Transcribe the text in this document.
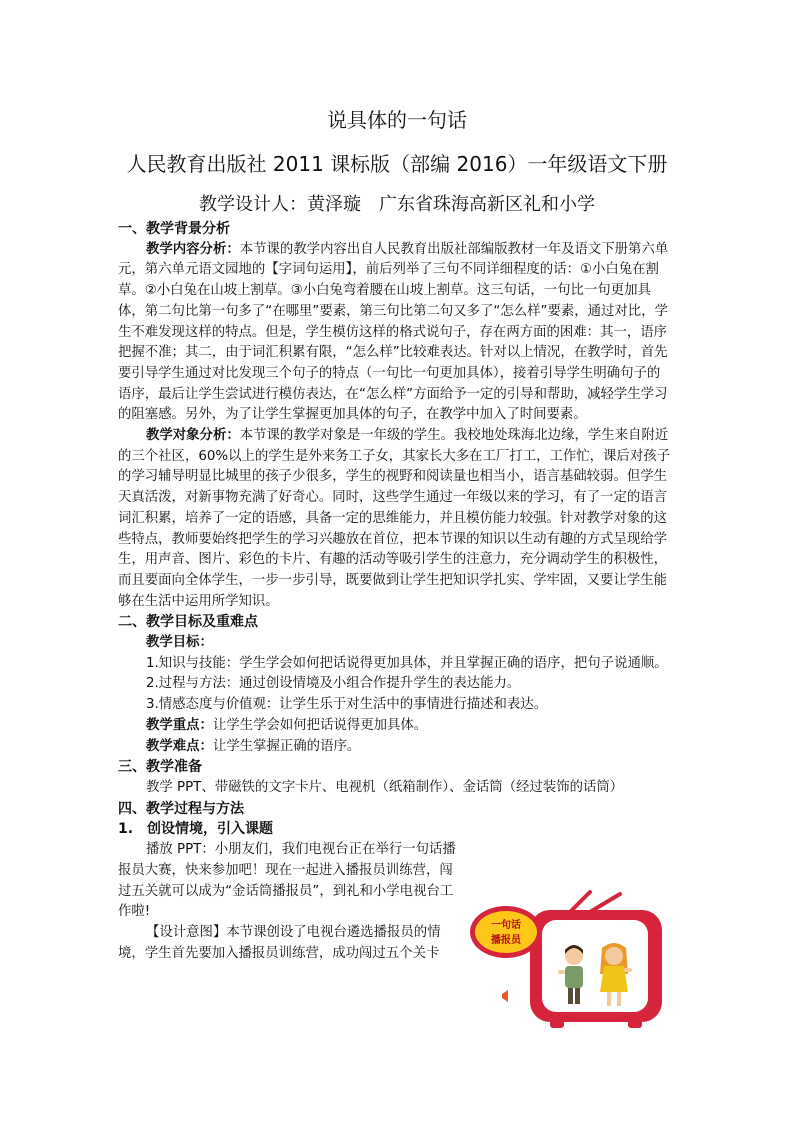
说具体的一句话
人民教育出版社 2011 课标版（部编 2016）一年级语文下册
教学设计人：黄泽璇　广东省珠海高新区礼和小学

一、教学背景分析

教学内容分析：本节课的教学内容出自人民教育出版社部编版教材一年及语文下册第六单元，第六单元语文园地的【字词句运用】，前后列举了三句不同详细程度的话：①小白兔在割草。②小白兔在山坡上割草。③小白兔弯着腰在山坡上割草。这三句话，一句比一句更加具体，第二句比第一句多了“在哪里”要素，第三句比第二句又多了“怎么样”要素，通过对比，学生不难发现这样的特点。但是，学生模仿这样的格式说句子，存在两方面的困难：其一，语序把握不准；其二，由于词汇积累有限，“怎么样”比较难表达。针对以上情况，在教学时，首先要引导学生通过对比发现三个句子的特点（一句比一句更加具体），接着引导学生明确句子的语序，最后让学生尝试进行模仿表达，在“怎么样”方面给予一定的引导和帮助，减轻学生学习的阻塞感。另外，为了让学生掌握更加具体的句子，在教学中加入了时间要素。

教学对象分析：本节课的教学对象是一年级的学生。我校地处珠海北边缘，学生来自附近的三个社区，60%以上的学生是外来务工子女，其家长大多在工厂打工，工作忙，课后对孩子的学习辅导明显比城里的孩子少很多，学生的视野和阅读量也相当小，语言基础较弱。但学生天真活泼，对新事物充满了好奇心。同时，这些学生通过一年级以来的学习，有了一定的语言词汇积累，培养了一定的语感，具备一定的思维能力，并且模仿能力较强。针对教学对象的这些特点，教师要始终把学生的学习兴趣放在首位，把本节课的知识以生动有趣的方式呈现给学生，用声音、图片、彩色的卡片、有趣的活动等吸引学生的注意力，充分调动学生的积极性，而且要面向全体学生，一步一步引导，既要做到让学生把知识学扎实、学牢固，又要让学生能够在生活中运用所学知识。

二、教学目标及重难点

教学目标：

1.知识与技能：学生学会如何把话说得更加具体，并且掌握正确的语序，把句子说通顺。

2.过程与方法：通过创设情境及小组合作提升学生的表达能力。

3.情感态度与价值观：让学生乐于对生活中的事情进行描述和表达。

教学重点：让学生学会如何把话说得更加具体。

教学难点：让学生掌握正确的语序。

三、教学准备

教学 PPT、带磁铁的文字卡片、电视机（纸箱制作）、金话筒（经过装饰的话筒）

四、教学过程与方法

1.　创设情境，引入课题

播放 PPT：小朋友们，我们电视台正在举行一句话播报员大赛，快来参加吧！现在一起进入播报员训练营，闯过五关就可以成为“金话筒播报员”，到礼和小学电视台工作啦!

【设计意图】本节课创设了电视台遴选播报员的情境，学生首先要加入播报员训练营，成功闯过五个关卡

一句话
播报员
